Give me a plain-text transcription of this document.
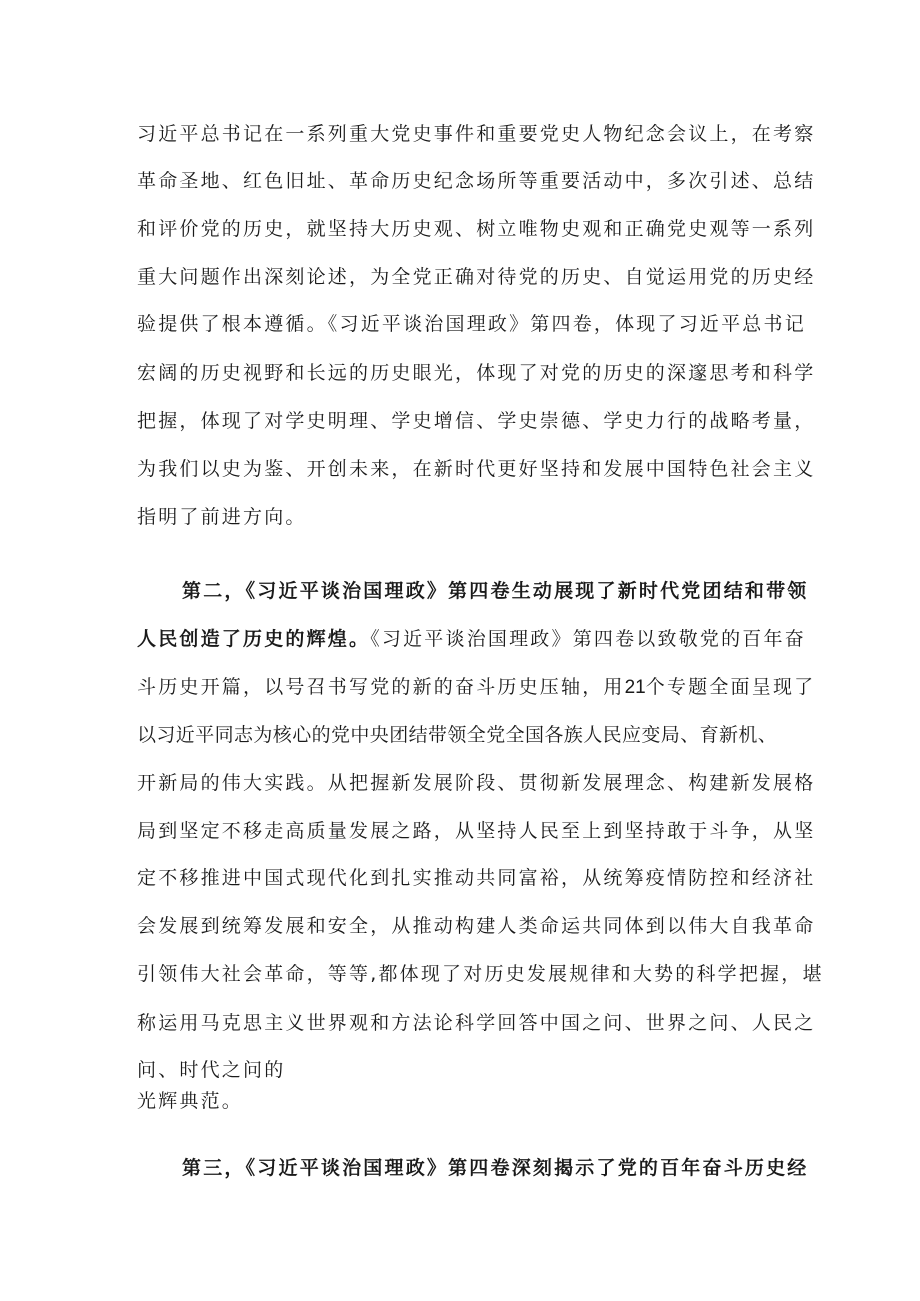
习近平总书记在一系列重大党史事件和重要党史人物纪念会议上，在考察
革命圣地、红色旧址、革命历史纪念场所等重要活动中，多次引述、总结
和评价党的历史，就坚持大历史观、树立唯物史观和正确党史观等一系列
重大问题作出深刻论述，为全党正确对待党的历史、自觉运用党的历史经
验提供了根本遵循。《习近平谈治国理政》第四卷，体现了习近平总书记
宏阔的历史视野和长远的历史眼光，体现了对党的历史的深邃思考和科学
把握，体现了对学史明理、学史增信、学史崇德、学史力行的战略考量，
为我们以史为鉴、开创未来，在新时代更好坚持和发展中国特色社会主义
指明了前进方向。
第二，《习近平谈治国理政》第四卷生动展现了新时代党团结和带领
人民创造了历史的辉煌。《习近平谈治国理政》第四卷以致敬党的百年奋
斗历史开篇，以号召书写党的新的奋斗历史压轴，用21个专题全面呈现了
以习近平同志为核心的党中央团结带领全党全国各族人民应变局、育新机、
开新局的伟大实践。从把握新发展阶段、贯彻新发展理念、构建新发展格
局到坚定不移走高质量发展之路，从坚持人民至上到坚持敢于斗争，从坚
定不移推进中国式现代化到扎实推动共同富裕，从统筹疫情防控和经济社
会发展到统筹发展和安全，从推动构建人类命运共同体到以伟大自我革命
引领伟大社会革命，等等,都体现了对历史发展规律和大势的科学把握，堪
称运用马克思主义世界观和方法论科学回答中国之问、世界之问、人民之
问、时代之问的
光辉典范。
第三，《习近平谈治国理政》第四卷深刻揭示了党的百年奋斗历史经
